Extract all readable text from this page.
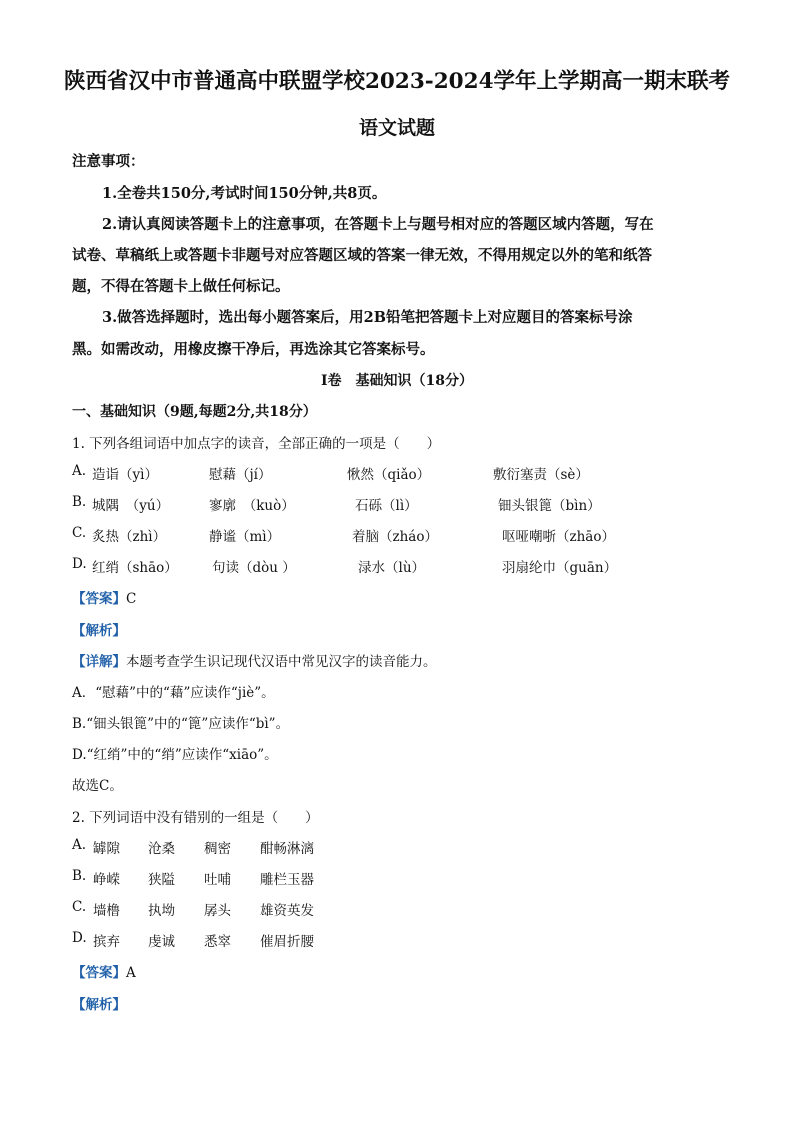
陕西省汉中市普通高中联盟学校2023-2024学年上学期高一期末联考
语文试题
注意事项：
1.全卷共150分,考试时间150分钟,共8页。
2.请认真阅读答题卡上的注意事项，在答题卡上与题号相对应的答题区域内答题，写在
试卷、草稿纸上或答题卡非题号对应答题区域的答案一律无效，不得用规定以外的笔和纸答
题，不得在答题卡上做任何标记。
3.做答选择题时，选出每小题答案后，用2B铅笔把答题卡上对应题目的答案标号涂
黑。如需改动，用橡皮擦干净后，再选涂其它答案标号。
Ⅰ卷　基础知识（18分）
一、基础知识（9题,每题2分,共18分）
1. 下列各组词语中加点字的读音，全部正确的一项是（　　）
A. 造诣（yì）	慰藉（jí）	愀然（qiǎo）	敷衍塞责（sè）
B. 城隅　（yú）	寥廓　（kuò）	石砾（lì）	钿头银篦（bìn）
C. 炙热（zhì）	静谧（mì）	着脑（zháo）	呕哑嘲哳（zhāo）
D. 红绡（shāo）	句读（dòu ）	渌水（lù）	羽扇纶巾（guān）
【答案】C
【解析】
【详解】本题考查学生识记现代汉语中常见汉字的读音能力。
A．“慰藉”中的“藉”应读作“jiè”。
B.“钿头银篦”中的“篦”应读作“bì”。
D.“红绡”中的“绡”应读作“xiāo”。
故选C。
2. 下列词语中没有错别的一组是（　　）
A. 罅隙 沧桑 稠密 酣畅淋漓
B. 峥嵘 狭隘 吐哺 雕栏玉器
C. 墙橹 执坳 孱头 雄资英发
D. 摈弃 虔诚 悉窣 催眉折腰
【答案】A
【解析】
